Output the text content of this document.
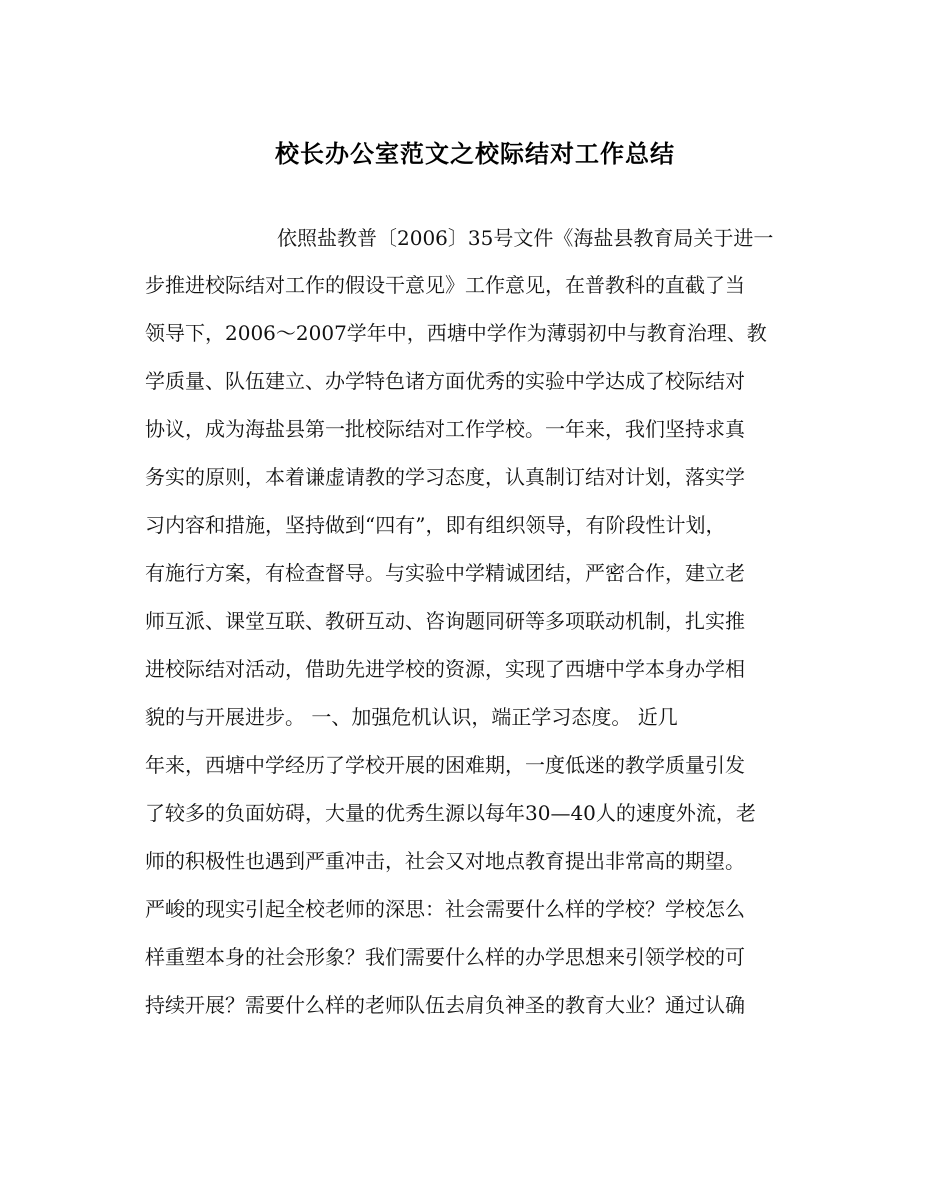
校长办公室范文之校际结对工作总结
依照盐教普〔2006〕35号文件《海盐县教育局关于进一
步推进校际结对工作的假设干意见》工作意见，在普教科的直截了当
领导下，2006～2007学年中，西塘中学作为薄弱初中与教育治理、教
学质量、队伍建立、办学特色诸方面优秀的实验中学达成了校际结对
协议，成为海盐县第一批校际结对工作学校。一年来，我们坚持求真
务实的原则，本着谦虚请教的学习态度，认真制订结对计划，落实学
习内容和措施，坚持做到“四有”，即有组织领导，有阶段性计划，
有施行方案，有检查督导。与实验中学精诚团结，严密合作，建立老
师互派、课堂互联、教研互动、咨询题同研等多项联动机制，扎实推
进校际结对活动，借助先进学校的资源，实现了西塘中学本身办学相
貌的与开展进步。 一、加强危机认识，端正学习态度。 近几
年来，西塘中学经历了学校开展的困难期，一度低迷的教学质量引发
了较多的负面妨碍，大量的优秀生源以每年30—40人的速度外流，老
师的积极性也遇到严重冲击，社会又对地点教育提出非常高的期望。
严峻的现实引起全校老师的深思：社会需要什么样的学校？学校怎么
样重塑本身的社会形象？我们需要什么样的办学思想来引领学校的可
持续开展？需要什么样的老师队伍去肩负神圣的教育大业？通过认确
